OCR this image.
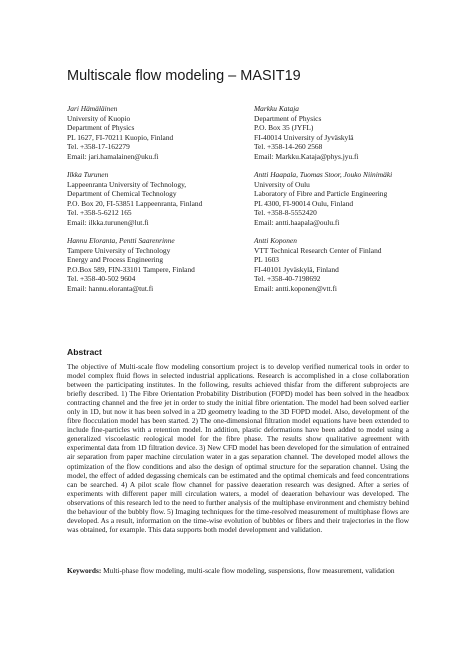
Multiscale flow modeling – MASIT19
Jari Hämäläinen
University of Kuopio
Department of Physics
PL 1627, FI-70211 Kuopio, Finland
Tel. +358-17-162279
Email: jari.hamalainen@uku.fi
Ilkka Turunen
Lappeenranta University of Technology,
Department of Chemical Technology
P.O. Box 20, FI-53851 Lappeenranta, Finland
Tel. +358-5-6212 165
Email: ilkka.turunen@lut.fi
Hannu Eloranta, Pentti Saarenrinne
Tampere University of Technology
Energy and Process Engineering
P.O.Box 589, FIN-33101 Tampere, Finland
Tel. +358-40-502 9604
Email: hannu.eloranta@tut.fi
Markku Kataja
Department of Physics
P.O. Box 35 (JYFL)
FI-40014 University of Jyväskylä
Tel. +358-14-260 2568
Email: Markku.Kataja@phys.jyu.fi
Antti Haapala, Tuomas Stoor, Jouko Niinimäki
University of Oulu
Laboratory of Fibre and Particle Engineering
PL 4300, FI-90014 Oulu, Finland
Tel. +358-8-5552420
Email: antti.haapala@oulu.fi
Antti Koponen
VTT Technical Research Center of Finland
PL 1603
FI-40101 Jyväskylä, Finland
Tel. +358-40-7198692
Email: antti.koponen@vtt.fi
Abstract
The objective of Multi-scale flow modeling consortium project is to develop verified numerical tools in order to model complex fluid flows in selected industrial applications. Research is accomplished in a close collaboration between the participating institutes. In the following, results achieved thisfar from the different subprojects are briefly described. 1) The Fibre Orientation Probability Distribution (FOPD) model has been solved in the headbox contracting channel and the free jet in order to study the initial fibre orientation. The model had been solved earlier only in 1D, but now it has been solved in a 2D geometry leading to the 3D FOPD model. Also, development of the fibre flocculation model has been started. 2) The one-dimensional filtration model equations have been extended to include fine-particles with a retention model. In addition, plastic deformations have been added to model using a generalized viscoelastic reological model for the fibre phase. The results show qualitative agreement with experimental data from 1D filtration device. 3) New CFD model has been developed for the simulation of entrained air separation from paper machine circulation water in a gas separation channel. The developed model allows the optimization of the flow conditions and also the design of optimal structure for the separation channel. Using the model, the effect of added degassing chemicals can be estimated and the optimal chemicals and feed concentrations can be searched. 4) A pilot scale flow channel for passive deaeration research was designed. After a series of experiments with different paper mill circulation waters, a model of deaeration behaviour was developed. The observations of this research led to the need to further analysis of the multiphase environment and chemistry behind the behaviour of the bubbly flow. 5) Imaging techniques for the time-resolved measurement of multiphase flows are developed. As a result, information on the time-wise evolution of bubbles or fibers and their trajectories in the flow was obtained, for example. This data supports both model development and validation.
Keywords: Multi-phase flow modeling, multi-scale flow modeling, suspensions, flow measurement, validation
